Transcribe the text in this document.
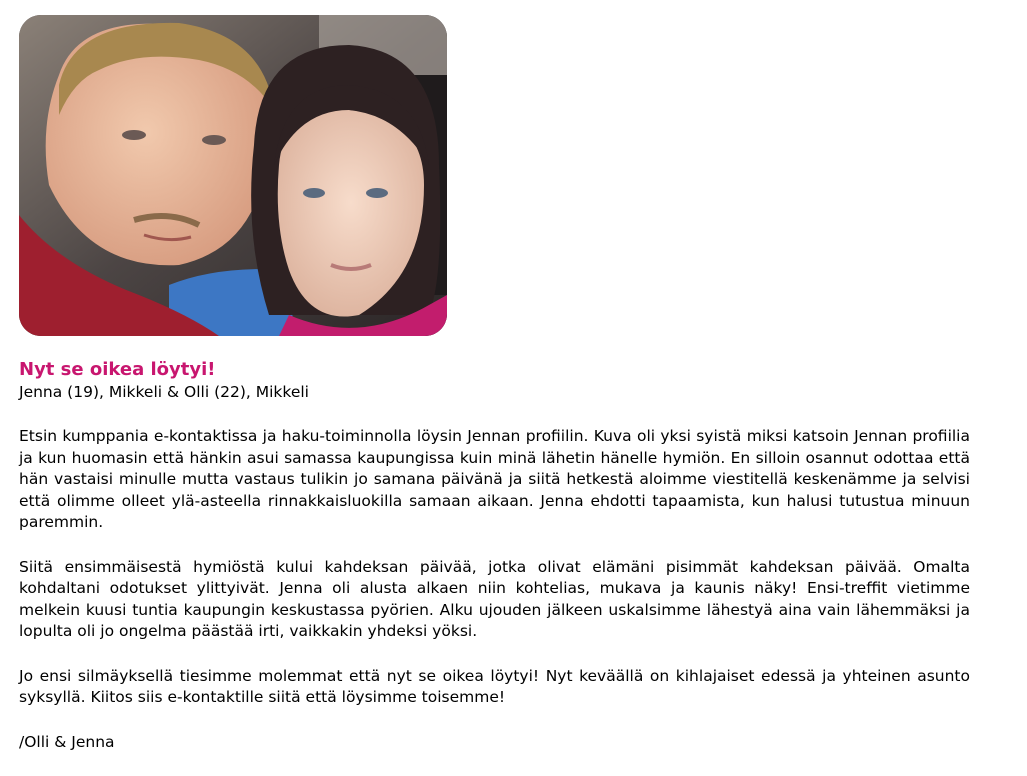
Nyt se oikea löytyi!

Jenna (19), Mikkeli & Olli (22), Mikkeli

Etsin kumppania e-kontaktissa ja haku-toiminnolla löysin Jennan profiilin. Kuva oli yksi syistä miksi katsoin Jennan profiilia ja kun huomasin että hänkin asui samassa kaupungissa kuin minä lähetin hänelle hymiön. En silloin osannut odottaa että hän vastaisi minulle mutta vastaus tulikin jo samana päivänä ja siitä hetkestä aloimme viestitellä keskenämme ja selvisi että olimme olleet ylä-asteella rinnakkaisluokilla samaan aikaan. Jenna ehdotti tapaamista, kun halusi tutustua minuun paremmin.

Siitä ensimmäisestä hymiöstä kului kahdeksan päivää, jotka olivat elämäni pisimmät kahdeksan päivää. Omalta kohdaltani odotukset ylittyivät. Jenna oli alusta alkaen niin kohtelias, mukava ja kaunis näky! Ensi-treffit vietimme melkein kuusi tuntia kaupungin keskustassa pyörien. Alku ujouden jälkeen uskalsimme lähestyä aina vain lähemmäksi ja lopulta oli jo ongelma päästää irti, vaikkakin yhdeksi yöksi.

Jo ensi silmäyksellä tiesimme molemmat että nyt se oikea löytyi! Nyt keväällä on kihlajaiset edessä ja yhteinen asunto syksyllä. Kiitos siis e-kontaktille siitä että löysimme toisemme!

/Olli & Jenna
